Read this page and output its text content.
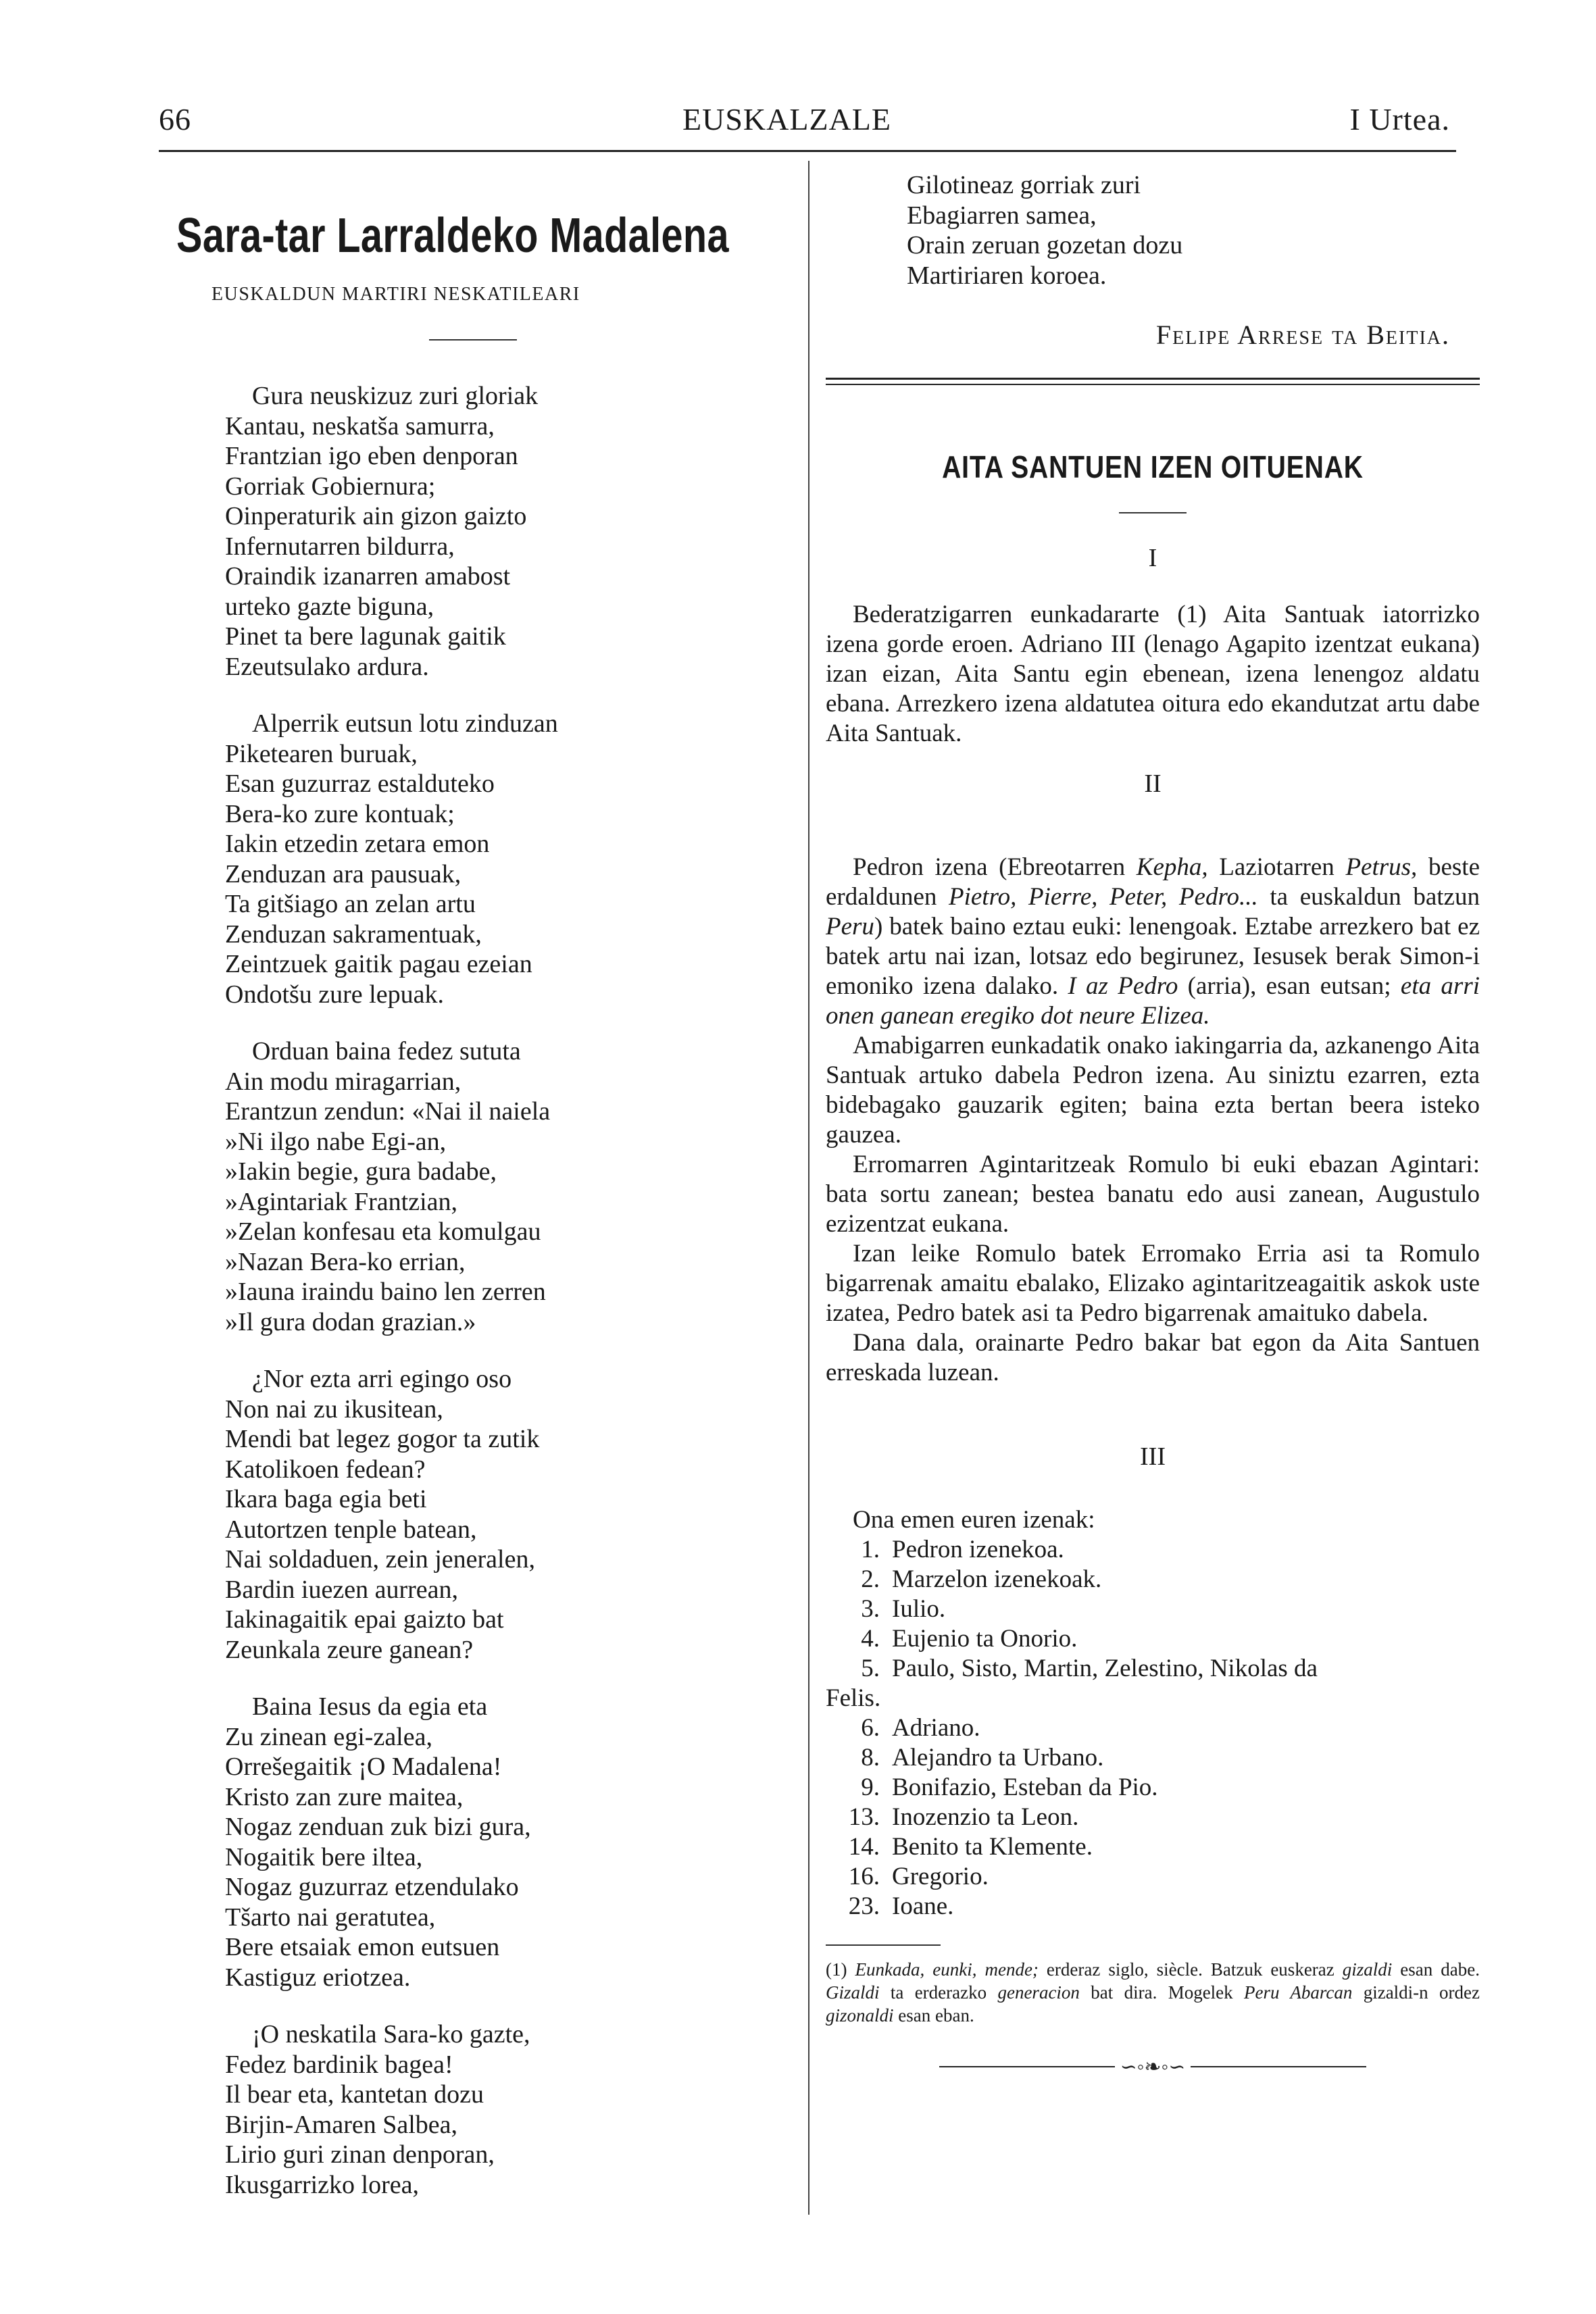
66	EUSKALZALE	I Urtea.
Sara-tar Larraldeko Madalena
EUSKALDUN MARTIRI NESKATILEARI
Gura neuskizuz zuri gloriak
Kantau, neskatša samurra,
Frantzian igo eben denporan
Gorriak Gobiernura;
Oinperaturik ain gizon gaizto
Infernutarren bildurra,
Oraindik izanarren amabost
urteko gazte biguna,
Pinet ta bere lagunak gaitik
Ezeutsulako ardura.
Alperrik eutsun lotu zinduzan
Piketearen buruak,
Esan guzurraz estalduteko
Bera-ko zure kontuak;
Iakin etzedin zetara emon
Zenduzan ara pausuak,
Ta gitšiago an zelan artu
Zenduzan sakramentuak,
Zeintzuek gaitik pagau ezeian
Ondotšu zure lepuak.
Orduan baina fedez sututa
Ain modu miragarrian,
Erantzun zendun: «Nai il naiela
»Ni ilgo nabe Egi-an,
»Iakin begie, gura badabe,
»Agintariak Frantzian,
»Zelan konfesau eta komulgau
»Nazan Bera-ko errian,
»Iauna iraindu baino len zerren
»Il gura dodan grazian.»
¿Nor ezta arri egingo oso
Non nai zu ikusitean,
Mendi bat legez gogor ta zutik
Katolikoen fedean?
Ikara baga egia beti
Autortzen tenple batean,
Nai soldaduen, zein jeneralen,
Bardin iuezen aurrean,
Iakinagaitik epai gaizto bat
Zeunkala zeure ganean?
Baina Iesus da egia eta
Zu zinean egi-zalea,
Orrešegaitik ¡O Madalena!
Kristo zan zure maitea,
Nogaz zenduan zuk bizi gura,
Nogaitik bere iltea,
Nogaz guzurraz etzendulako
Tšarto nai geratutea,
Bere etsaiak emon eutsuen
Kastiguz eriotzea.
¡O neskatila Sara-ko gazte,
Fedez bardinik bagea!
Il bear eta, kantetan dozu
Birjin-Amaren Salbea,
Lirio guri zinan denporan,
Ikusgarrizko lorea,
Gilotineaz gorriak zuri
Ebagiarren samea,
Orain zeruan gozetan dozu
Martiriaren koroea.
Felipe Arrese ta Beitia.
AITA SANTUEN IZEN OITUENAK
I

Bederatzigarren eunkadararte (1) Aita Santuak iatorrizko izena gorde eroen. Adriano III (lenago Agapito izentzat eukana) izan eizan, Aita Santu egin ebenean, izena lenengoz aldatu ebana. Arrezkero izena aldatutea oitura edo ekandutzat artu dabe Aita Santuak.

II

Pedron izena (Ebreotarren Kepha, Laziotarren Petrus, beste erdaldunen Pietro, Pierre, Peter, Pedro... ta euskaldun batzun Peru) batek baino eztau euki: lenengoak. Eztabe arrezkero bat ez batek artu nai izan, lotsaz edo begirunez, Iesusek berak Simon-i emoniko izena dalako. I az Pedro (arria), esan eutsan; eta arri onen ganean eregiko dot neure Elizea.

Amabigarren eunkadatik onako iakingarria da, azkanengo Aita Santuak artuko dabela Pedron izena. Au siniztu ezarren, ezta bidebagako gauzarik egiten; baina ezta bertan beera isteko gauzea.

Erromarren Agintaritzeak Romulo bi euki ebazan Agintari: bata sortu zanean; bestea banatu edo ausi zanean, Augustulo ezizentzat eukana.

Izan leike Romulo batek Erromako Erria asi ta Romulo bigarrenak amaitu ebalako, Elizako agintaritzeagaitik askok uste izatea, Pedro batek asi ta Pedro bigarrenak amaituko dabela.

Dana dala, orainarte Pedro bakar bat egon da Aita Santuen erreskada luzean.

III

Ona emen euren izenak:

1. Pedron izenekoa.
2. Marzelon izenekoak.
3. Iulio.
4. Eujenio ta Onorio.
5. Paulo, Sisto, Martin, Zelestino, Nikolas da
Felis.
6. Adriano.
8. Alejandro ta Urbano.
9. Bonifazio, Esteban da Pio.
13. Inozenzio ta Leon.
14. Benito ta Klemente.
16. Gregorio.
23. Ioane.
(1) Eunkada, eunki, mende; erderaz siglo, siècle. Batzuk euskeraz gizaldi esan dabe. Gizaldi ta erderazko generacion bat dira. Mogelek Peru Abarcan gizaldi-n ordez gizonaldi esan eban.
∽◦❧◦∽
